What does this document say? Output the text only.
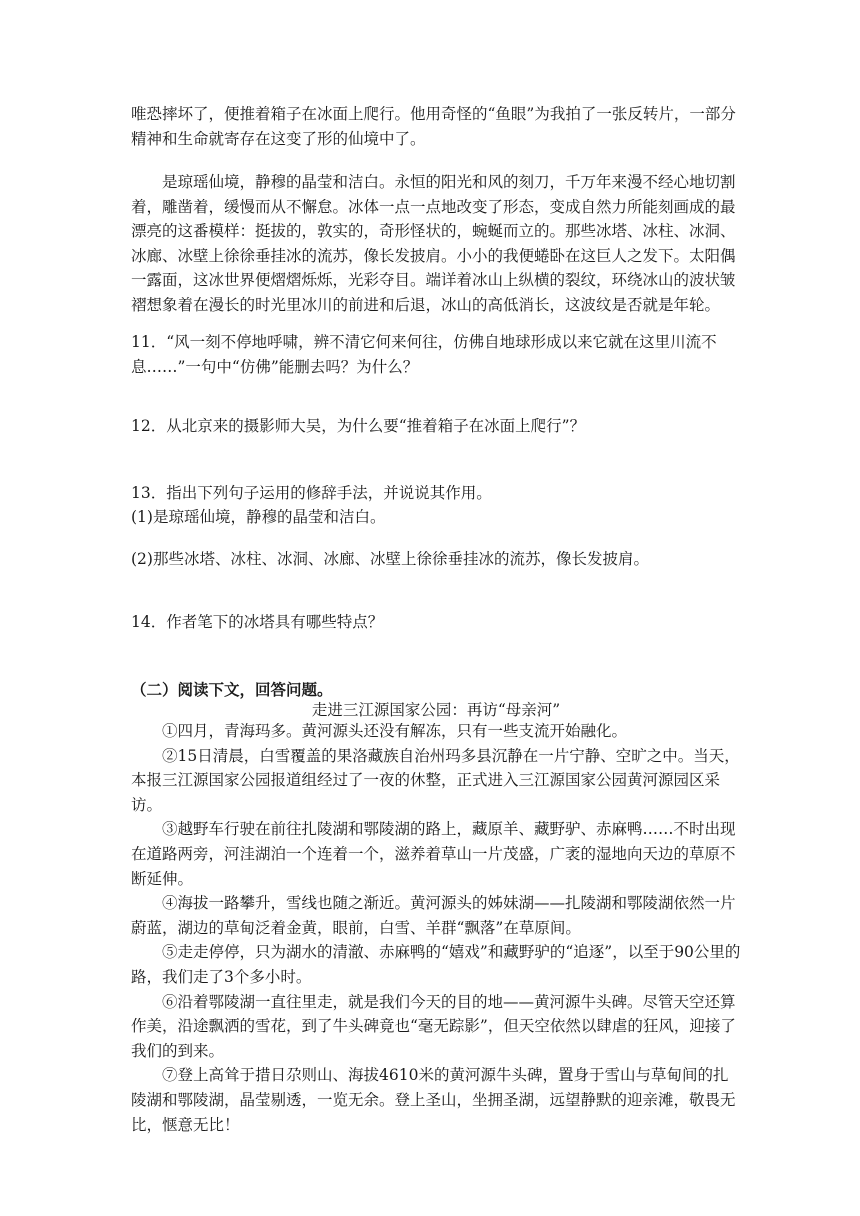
唯恐摔坏了，便推着箱子在冰面上爬行。他用奇怪的“鱼眼”为我拍了一张反转片，一部分精神和生命就寄存在这变了形的仙境中了。

是琼瑶仙境，静穆的晶莹和洁白。永恒的阳光和风的刻刀，千万年来漫不经心地切割着，雕凿着，缓慢而从不懈怠。冰体一点一点地改变了形态，变成自然力所能刻画成的最漂亮的这番模样：挺拔的，敦实的，奇形怪状的，蜿蜒而立的。那些冰塔、冰柱、冰洞、冰廊、冰壁上徐徐垂挂冰的流苏，像长发披肩。小小的我便蜷卧在这巨人之发下。太阳偶一露面，这冰世界便熠熠烁烁，光彩夺目。端详着冰山上纵横的裂纹，环绕冰山的波状皱褶想象着在漫长的时光里冰川的前进和后退，冰山的高低消长，这波纹是否就是年轮。

11．“风一刻不停地呼啸，辨不清它何来何往，仿佛自地球形成以来它就在这里川流不息……”一句中“仿佛”能删去吗？为什么？

12．从北京来的摄影师大吴，为什么要“推着箱子在冰面上爬行”？

13．指出下列句子运用的修辞手法，并说说其作用。

(1)是琼瑶仙境，静穆的晶莹和洁白。

(2)那些冰塔、冰柱、冰洞、冰廊、冰壁上徐徐垂挂冰的流苏，像长发披肩。

14．作者笔下的冰塔具有哪些特点？

（二）阅读下文，回答问题。

走进三江源国家公园：再访“母亲河”

①四月，青海玛多。黄河源头还没有解冻，只有一些支流开始融化。

②15日清晨，白雪覆盖的果洛藏族自治州玛多县沉静在一片宁静、空旷之中。当天，本报三江源国家公园报道组经过了一夜的休整，正式进入三江源国家公园黄河源园区采访。

③越野车行驶在前往扎陵湖和鄂陵湖的路上，藏原羊、藏野驴、赤麻鸭……不时出现在道路两旁，河洼湖泊一个连着一个，滋养着草山一片茂盛，广袤的湿地向天边的草原不断延伸。

④海拔一路攀升，雪线也随之渐近。黄河源头的姊妹湖——扎陵湖和鄂陵湖依然一片蔚蓝，湖边的草甸泛着金黄，眼前，白雪、羊群“飘落”在草原间。

⑤走走停停，只为湖水的清澈、赤麻鸭的“嬉戏”和藏野驴的“追逐”，以至于90公里的路，我们走了3个多小时。

⑥沿着鄂陵湖一直往里走，就是我们今天的目的地——黄河源牛头碑。尽管天空还算作美，沿途飘洒的雪花，到了牛头碑竟也“毫无踪影”，但天空依然以肆虐的狂风，迎接了我们的到来。

⑦登上高耸于措日尕则山、海拔4610米的黄河源牛头碑，置身于雪山与草甸间的扎陵湖和鄂陵湖，晶莹剔透，一览无余。登上圣山，坐拥圣湖，远望静默的迎亲滩，敬畏无比，惬意无比！
